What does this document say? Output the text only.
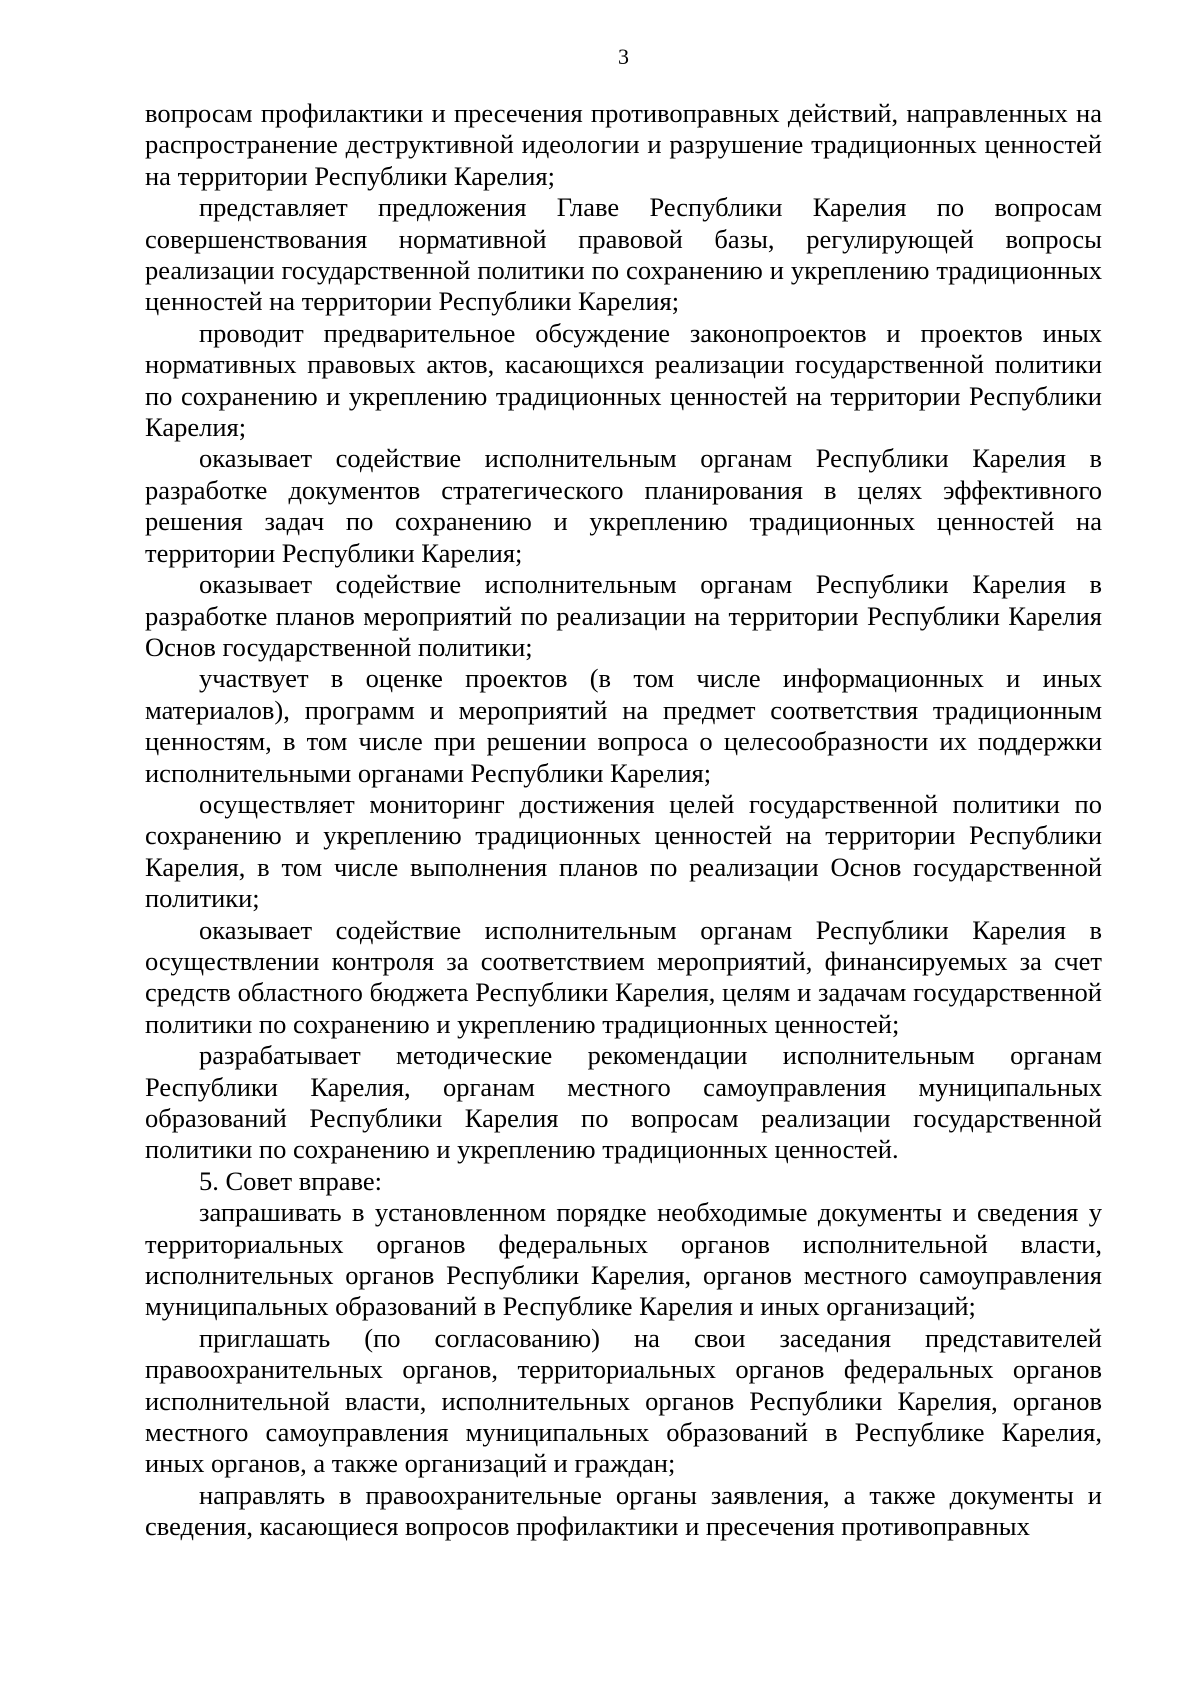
3

вопросам профилактики и пресечения противоправных действий, направленных на распространение деструктивной идеологии и разрушение традиционных ценностей на территории Республики Карелия;

представляет предложения Главе Республики Карелия по вопросам совершенствования нормативной правовой базы, регулирующей вопросы реализации государственной политики по сохранению и укреплению традиционных ценностей на территории Республики Карелия;

проводит предварительное обсуждение законопроектов и проектов иных нормативных правовых актов, касающихся реализации государственной политики по сохранению и укреплению традиционных ценностей на территории Республики Карелия;

оказывает содействие исполнительным органам Республики Карелия в разработке документов стратегического планирования в целях эффективного решения задач по сохранению и укреплению традиционных ценностей на территории Республики Карелия;

оказывает содействие исполнительным органам Республики Карелия в разработке планов мероприятий по реализации на территории Республики Карелия Основ государственной политики;

участвует в оценке проектов (в том числе информационных и иных материалов), программ и мероприятий на предмет соответствия традиционным ценностям, в том числе при решении вопроса о целесообразности их поддержки исполнительными органами Республики Карелия;

осуществляет мониторинг достижения целей государственной политики по сохранению и укреплению традиционных ценностей на территории Республики Карелия, в том числе выполнения планов по реализации Основ государственной политики;

оказывает содействие исполнительным органам Республики Карелия в осуществлении контроля за соответствием мероприятий, финансируемых за счет средств областного бюджета Республики Карелия, целям и задачам государственной политики по сохранению и укреплению традиционных ценностей;

разрабатывает методические рекомендации исполнительным органам Республики Карелия, органам местного самоуправления муниципальных образований Республики Карелия по вопросам реализации государственной политики по сохранению и укреплению традиционных ценностей.

5. Совет вправе:

запрашивать в установленном порядке необходимые документы и сведения у территориальных органов федеральных органов исполнительной власти, исполнительных органов Республики Карелия, органов местного самоуправления муниципальных образований в Республике Карелия и иных организаций;

приглашать (по согласованию) на свои заседания представителей правоохранительных органов, территориальных органов федеральных органов исполнительной власти, исполнительных органов Республики Карелия, органов местного самоуправления муниципальных образований в Республике Карелия, иных органов, а также организаций и граждан;

направлять в правоохранительные органы заявления, а также документы и сведения, касающиеся вопросов профилактики и пресечения противоправных
